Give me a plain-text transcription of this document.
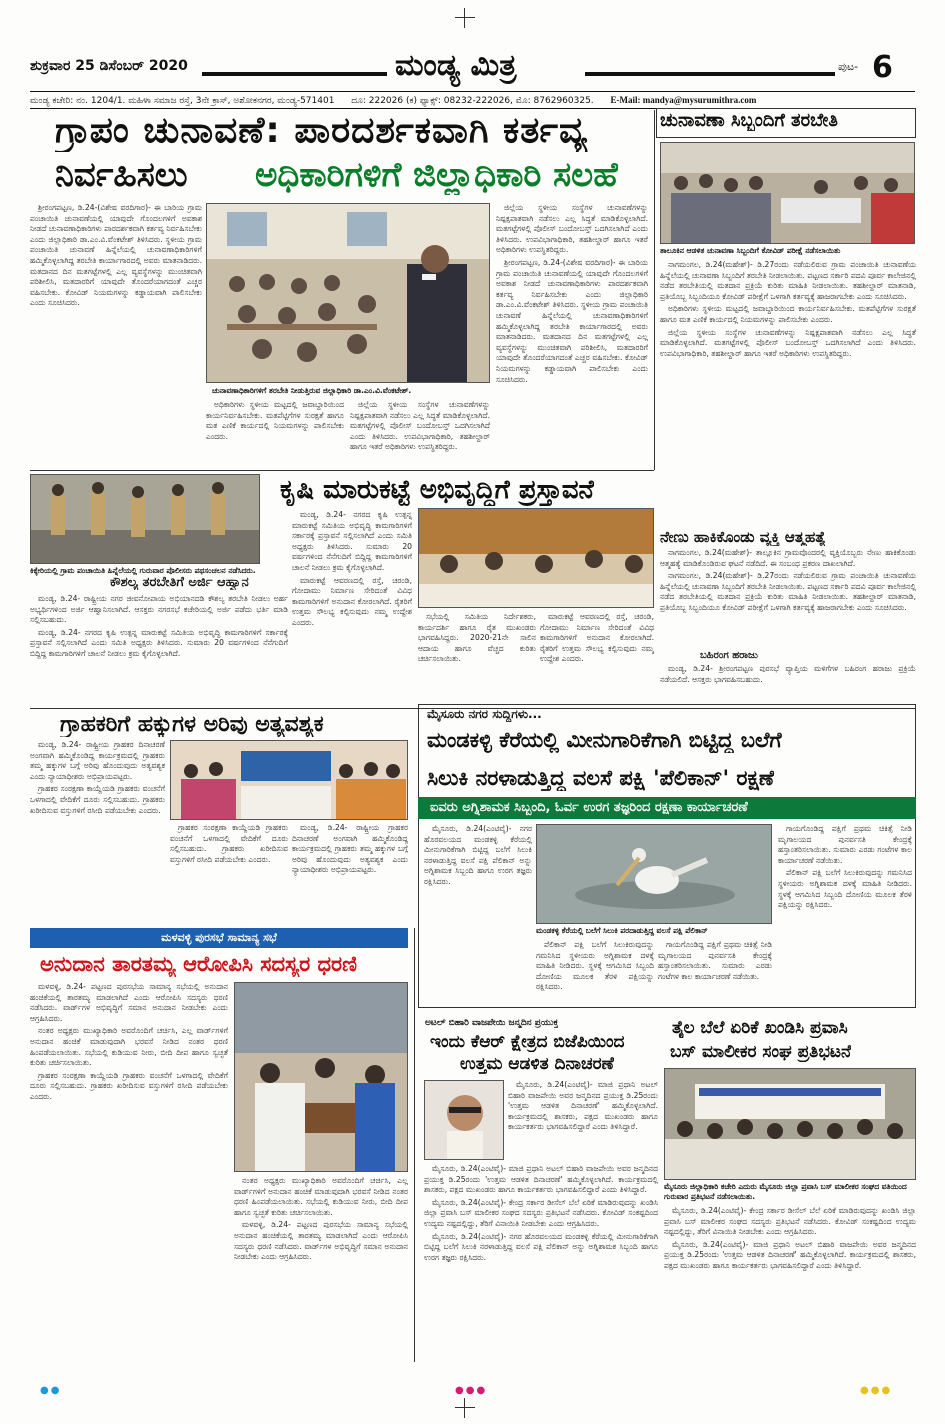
ಶುಕ್ರವಾರ 25 ಡಿಸೆಂಬರ್ 2020	ಮಂಡ್ಯ ಮಿತ್ರ	ಪುಟ- 6
ಮಂಡ್ಯ ಕಚೇರಿ: ನಂ. 1204/1. ಮಹಿಳಾ ಸಮಾಜ ರಸ್ತೆ, 3ನೇ ಕ್ರಾಸ್, ಅಶೋಕನಗರ, ಮಂಡ್ಯ-571401 ದೂ: 222026 (ಕ) ಫ್ಯಾಕ್ಸ್: 08232-222026, ಮೊ: 8762960325. E-Mail: mandya@mysurumithra.com
ಗ್ರಾಪಂ ಚುನಾವಣೆ: ಪಾರದರ್ಶಕವಾಗಿ ಕರ್ತವ್ಯ
ನಿರ್ವಹಿಸಲು ಅಧಿಕಾರಿಗಳಿಗೆ ಜಿಲ್ಲಾಧಿಕಾರಿ ಸಲಹೆ

ಶ್ರೀರಂಗಪಟ್ಟಣ, ಡಿ.24-(ವಿಶೇಷ ವರದಿಗಾರ)- ಈ ಬಾರಿಯ ಗ್ರಾಮ ಪಂಚಾಯಿತಿ ಚುನಾವಣೆಯಲ್ಲಿ ಯಾವುದೇ ಗೊಂದಲಗಳಿಗೆ ಅವಕಾಶ ನೀಡದೆ ಚುನಾವಣಾಧಿಕಾರಿಗಳು ಪಾರದರ್ಶಕವಾಗಿ ಕರ್ತವ್ಯ ನಿರ್ವಹಿಸಬೇಕು ಎಂದು ಜಿಲ್ಲಾಧಿಕಾರಿ ಡಾ.ಎಂ.ವಿ.ವೆಂಕಟೇಶ್ ತಿಳಿಸಿದರು. ಸ್ಥಳೀಯ ಗ್ರಾಮ ಪಂಚಾಯಿತಿ ಚುನಾವಣೆ ಹಿನ್ನೆಲೆಯಲ್ಲಿ ಚುನಾವಣಾಧಿಕಾರಿಗಳಿಗೆ ಹಮ್ಮಿಕೊಳ್ಳಲಾಗಿದ್ದ ತರಬೇತಿ ಕಾರ್ಯಾಗಾರದಲ್ಲಿ ಅವರು ಮಾತನಾಡಿದರು. ಮತದಾನದ ದಿನ ಮತಗಟ್ಟೆಗಳಲ್ಲಿ ಎಲ್ಲ ವ್ಯವಸ್ಥೆಗಳನ್ನು ಮುಂಚಿತವಾಗಿ ಪರಿಶೀಲಿಸಿ, ಮತದಾರರಿಗೆ ಯಾವುದೇ ತೊಂದರೆಯಾಗದಂತೆ ಎಚ್ಚರ ವಹಿಸಬೇಕು. ಕೋವಿಡ್ ನಿಯಮಗಳನ್ನು ಕಡ್ಡಾಯವಾಗಿ ಪಾಲಿಸಬೇಕು ಎಂದು ಸೂಚಿಸಿದರು.

ಚುನಾವಣಾಧಿಕಾರಿಗಳಿಗೆ ತರಬೇತಿ ನೀಡುತ್ತಿರುವ ಜಿಲ್ಲಾಧಿಕಾರಿ ಡಾ.ಎಂ.ವಿ.ವೆಂಕಟೇಶ್.

ಅಧಿಕಾರಿಗಳು ಸ್ಥಳೀಯ ಮಟ್ಟದಲ್ಲಿ ಜವಾಬ್ದಾರಿಯಿಂದ ಕಾರ್ಯನಿರ್ವಹಿಸಬೇಕು. ಮತಪೆಟ್ಟಿಗೆಗಳ ಸುರಕ್ಷತೆ ಹಾಗೂ ಮತ ಎಣಿಕೆ ಕಾರ್ಯದಲ್ಲಿ ನಿಯಮಗಳನ್ನು ಪಾಲಿಸಬೇಕು ಎಂದರು.

ಜಿಲ್ಲೆಯ ಸ್ಥಳೀಯ ಸಂಸ್ಥೆಗಳ ಚುನಾವಣೆಗಳನ್ನು ನಿಷ್ಪಕ್ಷಪಾತವಾಗಿ ನಡೆಸಲು ಎಲ್ಲ ಸಿದ್ಧತೆ ಮಾಡಿಕೊಳ್ಳಲಾಗಿದೆ. ಮತಗಟ್ಟೆಗಳಲ್ಲಿ ಪೊಲೀಸ್ ಬಂದೋಬಸ್ತ್ ಒದಗಿಸಲಾಗಿದೆ ಎಂದು ತಿಳಿಸಿದರು. ಉಪವಿಭಾಗಾಧಿಕಾರಿ, ತಹಶೀಲ್ದಾರ್ ಹಾಗೂ ಇತರೆ ಅಧಿಕಾರಿಗಳು ಉಪಸ್ಥಿತರಿದ್ದರು.

ಜಿಲ್ಲೆಯ ಸ್ಥಳೀಯ ಸಂಸ್ಥೆಗಳ ಚುನಾವಣೆಗಳನ್ನು ನಿಷ್ಪಕ್ಷಪಾತವಾಗಿ ನಡೆಸಲು ಎಲ್ಲ ಸಿದ್ಧತೆ ಮಾಡಿಕೊಳ್ಳಲಾಗಿದೆ. ಮತಗಟ್ಟೆಗಳಲ್ಲಿ ಪೊಲೀಸ್ ಬಂದೋಬಸ್ತ್ ಒದಗಿಸಲಾಗಿದೆ ಎಂದು ತಿಳಿಸಿದರು. ಉಪವಿಭಾಗಾಧಿಕಾರಿ, ತಹಶೀಲ್ದಾರ್ ಹಾಗೂ ಇತರೆ ಅಧಿಕಾರಿಗಳು ಉಪಸ್ಥಿತರಿದ್ದರು.

ಶ್ರೀರಂಗಪಟ್ಟಣ, ಡಿ.24-(ವಿಶೇಷ ವರದಿಗಾರ)- ಈ ಬಾರಿಯ ಗ್ರಾಮ ಪಂಚಾಯಿತಿ ಚುನಾವಣೆಯಲ್ಲಿ ಯಾವುದೇ ಗೊಂದಲಗಳಿಗೆ ಅವಕಾಶ ನೀಡದೆ ಚುನಾವಣಾಧಿಕಾರಿಗಳು ಪಾರದರ್ಶಕವಾಗಿ ಕರ್ತವ್ಯ ನಿರ್ವಹಿಸಬೇಕು ಎಂದು ಜಿಲ್ಲಾಧಿಕಾರಿ ಡಾ.ಎಂ.ವಿ.ವೆಂಕಟೇಶ್ ತಿಳಿಸಿದರು. ಸ್ಥಳೀಯ ಗ್ರಾಮ ಪಂಚಾಯಿತಿ ಚುನಾವಣೆ ಹಿನ್ನೆಲೆಯಲ್ಲಿ ಚುನಾವಣಾಧಿಕಾರಿಗಳಿಗೆ ಹಮ್ಮಿಕೊಳ್ಳಲಾಗಿದ್ದ ತರಬೇತಿ ಕಾರ್ಯಾಗಾರದಲ್ಲಿ ಅವರು ಮಾತನಾಡಿದರು. ಮತದಾನದ ದಿನ ಮತಗಟ್ಟೆಗಳಲ್ಲಿ ಎಲ್ಲ ವ್ಯವಸ್ಥೆಗಳನ್ನು ಮುಂಚಿತವಾಗಿ ಪರಿಶೀಲಿಸಿ, ಮತದಾರರಿಗೆ ಯಾವುದೇ ತೊಂದರೆಯಾಗದಂತೆ ಎಚ್ಚರ ವಹಿಸಬೇಕು. ಕೋವಿಡ್ ನಿಯಮಗಳನ್ನು ಕಡ್ಡಾಯವಾಗಿ ಪಾಲಿಸಬೇಕು ಎಂದು ಸೂಚಿಸಿದರು.

ಚುನಾವಣಾ ಸಿಬ್ಬಂದಿಗೆ ತರಬೇತಿ
ತಾಲೂಕಿನ ಆಡಳಿತ ಚುನಾವಣಾ ಸಿಬ್ಬಂದಿಗೆ ಕೋವಿಡ್ ಪರೀಕ್ಷೆ ನಡೆಸಲಾಯಿತು

ನಾಗಮಂಗಲ, ಡಿ.24(ಮಹೇಶ್)- ಡಿ.27ರಂದು ನಡೆಯಲಿರುವ ಗ್ರಾಮ ಪಂಚಾಯಿತಿ ಚುನಾವಣೆಯ ಹಿನ್ನೆಲೆಯಲ್ಲಿ ಚುನಾವಣಾ ಸಿಬ್ಬಂದಿಗೆ ತರಬೇತಿ ನೀಡಲಾಯಿತು. ಪಟ್ಟಣದ ಸರ್ಕಾರಿ ಪದವಿ ಪೂರ್ವ ಕಾಲೇಜಿನಲ್ಲಿ ನಡೆದ ತರಬೇತಿಯಲ್ಲಿ ಮತದಾನ ಪ್ರಕ್ರಿಯೆ ಕುರಿತು ಮಾಹಿತಿ ನೀಡಲಾಯಿತು. ತಹಶೀಲ್ದಾರ್ ಮಾತನಾಡಿ, ಪ್ರತಿಯೊಬ್ಬ ಸಿಬ್ಬಂದಿಯೂ ಕೋವಿಡ್ ಪರೀಕ್ಷೆಗೆ ಒಳಗಾಗಿ ಕರ್ತವ್ಯಕ್ಕೆ ಹಾಜರಾಗಬೇಕು ಎಂದು ಸೂಚಿಸಿದರು.

ಅಧಿಕಾರಿಗಳು ಸ್ಥಳೀಯ ಮಟ್ಟದಲ್ಲಿ ಜವಾಬ್ದಾರಿಯಿಂದ ಕಾರ್ಯನಿರ್ವಹಿಸಬೇಕು. ಮತಪೆಟ್ಟಿಗೆಗಳ ಸುರಕ್ಷತೆ ಹಾಗೂ ಮತ ಎಣಿಕೆ ಕಾರ್ಯದಲ್ಲಿ ನಿಯಮಗಳನ್ನು ಪಾಲಿಸಬೇಕು ಎಂದರು.

ಜಿಲ್ಲೆಯ ಸ್ಥಳೀಯ ಸಂಸ್ಥೆಗಳ ಚುನಾವಣೆಗಳನ್ನು ನಿಷ್ಪಕ್ಷಪಾತವಾಗಿ ನಡೆಸಲು ಎಲ್ಲ ಸಿದ್ಧತೆ ಮಾಡಿಕೊಳ್ಳಲಾಗಿದೆ. ಮತಗಟ್ಟೆಗಳಲ್ಲಿ ಪೊಲೀಸ್ ಬಂದೋಬಸ್ತ್ ಒದಗಿಸಲಾಗಿದೆ ಎಂದು ತಿಳಿಸಿದರು. ಉಪವಿಭಾಗಾಧಿಕಾರಿ, ತಹಶೀಲ್ದಾರ್ ಹಾಗೂ ಇತರೆ ಅಧಿಕಾರಿಗಳು ಉಪಸ್ಥಿತರಿದ್ದರು.

ಕಿಕ್ಕೇರಿಯಲ್ಲಿ ಗ್ರಾಮ ಪಂಚಾಯಿತಿ ಹಿನ್ನೆಲೆಯಲ್ಲಿ ಗುರುವಾರ ಪೊಲೀಸರು ಪಥಸಂಚಲನ ನಡೆಸಿದರು.
ಕೃಷಿ ಮಾರುಕಟ್ಟೆ ಅಭಿವೃದ್ಧಿಗೆ ಪ್ರಸ್ತಾವನೆ

ಮಂಡ್ಯ, ಡಿ.24- ನಗರದ ಕೃಷಿ ಉತ್ಪನ್ನ ಮಾರುಕಟ್ಟೆ ಸಮಿತಿಯ ಅಭಿವೃದ್ಧಿ ಕಾಮಗಾರಿಗಳಿಗೆ ಸರ್ಕಾರಕ್ಕೆ ಪ್ರಸ್ತಾವನೆ ಸಲ್ಲಿಸಲಾಗಿದೆ ಎಂದು ಸಮಿತಿ ಅಧ್ಯಕ್ಷರು ತಿಳಿಸಿದರು. ಸುಮಾರು 20 ವರ್ಷಗಳಿಂದ ನೆನೆಗುದಿಗೆ ಬಿದ್ದಿದ್ದ ಕಾಮಗಾರಿಗಳಿಗೆ ಚಾಲನೆ ನೀಡಲು ಕ್ರಮ ಕೈಗೊಳ್ಳಲಾಗಿದೆ.

ಮಾರುಕಟ್ಟೆ ಆವರಣದಲ್ಲಿ ರಸ್ತೆ, ಚರಂಡಿ, ಗೋದಾಮು ನಿರ್ಮಾಣ ಸೇರಿದಂತೆ ವಿವಿಧ ಕಾಮಗಾರಿಗಳಿಗೆ ಅನುದಾನ ಕೋರಲಾಗಿದೆ. ರೈತರಿಗೆ ಉತ್ತಮ ಸೌಲಭ್ಯ ಕಲ್ಪಿಸುವುದು ನಮ್ಮ ಉದ್ದೇಶ ಎಂದರು.

ಸಭೆಯಲ್ಲಿ ಸಮಿತಿಯ ನಿರ್ದೇಶಕರು, ಕಾರ್ಯದರ್ಶಿ ಹಾಗೂ ರೈತ ಮುಖಂಡರು ಭಾಗವಹಿಸಿದ್ದರು. 2020-21ನೇ ಸಾಲಿನ ಆದಾಯ ಹಾಗೂ ವೆಚ್ಚದ ಕುರಿತು ಚರ್ಚಿಸಲಾಯಿತು.

ಮಾರುಕಟ್ಟೆ ಆವರಣದಲ್ಲಿ ರಸ್ತೆ, ಚರಂಡಿ, ಗೋದಾಮು ನಿರ್ಮಾಣ ಸೇರಿದಂತೆ ವಿವಿಧ ಕಾಮಗಾರಿಗಳಿಗೆ ಅನುದಾನ ಕೋರಲಾಗಿದೆ. ರೈತರಿಗೆ ಉತ್ತಮ ಸೌಲಭ್ಯ ಕಲ್ಪಿಸುವುದು ನಮ್ಮ ಉದ್ದೇಶ ಎಂದರು.

ಕೌಶಲ್ಯ ತರಬೇತಿಗೆ ಅರ್ಜಿ ಆಹ್ವಾನ

ಮಂಡ್ಯ, ಡಿ.24- ರಾಷ್ಟ್ರೀಯ ನಗರ ಜೀವನೋಪಾಯ ಅಭಿಯಾನದಡಿ ಕೌಶಲ್ಯ ತರಬೇತಿ ನೀಡಲು ಅರ್ಹ ಅಭ್ಯರ್ಥಿಗಳಿಂದ ಅರ್ಜಿ ಆಹ್ವಾನಿಸಲಾಗಿದೆ. ಆಸಕ್ತರು ನಗರಸಭೆ ಕಚೇರಿಯಲ್ಲಿ ಅರ್ಜಿ ಪಡೆದು ಭರ್ತಿ ಮಾಡಿ ಸಲ್ಲಿಸಬಹುದು.

ಮಂಡ್ಯ, ಡಿ.24- ನಗರದ ಕೃಷಿ ಉತ್ಪನ್ನ ಮಾರುಕಟ್ಟೆ ಸಮಿತಿಯ ಅಭಿವೃದ್ಧಿ ಕಾಮಗಾರಿಗಳಿಗೆ ಸರ್ಕಾರಕ್ಕೆ ಪ್ರಸ್ತಾವನೆ ಸಲ್ಲಿಸಲಾಗಿದೆ ಎಂದು ಸಮಿತಿ ಅಧ್ಯಕ್ಷರು ತಿಳಿಸಿದರು. ಸುಮಾರು 20 ವರ್ಷಗಳಿಂದ ನೆನೆಗುದಿಗೆ ಬಿದ್ದಿದ್ದ ಕಾಮಗಾರಿಗಳಿಗೆ ಚಾಲನೆ ನೀಡಲು ಕ್ರಮ ಕೈಗೊಳ್ಳಲಾಗಿದೆ.

ನೇಣು ಹಾಕಿಕೊಂಡು ವ್ಯಕ್ತಿ ಆತ್ಮಹತ್ಯೆ

ನಾಗಮಂಗಲ, ಡಿ.24(ಮಹೇಶ್)- ತಾಲ್ಲೂಕಿನ ಗ್ರಾಮವೊಂದರಲ್ಲಿ ವ್ಯಕ್ತಿಯೊಬ್ಬರು ನೇಣು ಹಾಕಿಕೊಂಡು ಆತ್ಮಹತ್ಯೆ ಮಾಡಿಕೊಂಡಿರುವ ಘಟನೆ ನಡೆದಿದೆ. ಈ ಸಂಬಂಧ ಪ್ರಕರಣ ದಾಖಲಾಗಿದೆ.

ನಾಗಮಂಗಲ, ಡಿ.24(ಮಹೇಶ್)- ಡಿ.27ರಂದು ನಡೆಯಲಿರುವ ಗ್ರಾಮ ಪಂಚಾಯಿತಿ ಚುನಾವಣೆಯ ಹಿನ್ನೆಲೆಯಲ್ಲಿ ಚುನಾವಣಾ ಸಿಬ್ಬಂದಿಗೆ ತರಬೇತಿ ನೀಡಲಾಯಿತು. ಪಟ್ಟಣದ ಸರ್ಕಾರಿ ಪದವಿ ಪೂರ್ವ ಕಾಲೇಜಿನಲ್ಲಿ ನಡೆದ ತರಬೇತಿಯಲ್ಲಿ ಮತದಾನ ಪ್ರಕ್ರಿಯೆ ಕುರಿತು ಮಾಹಿತಿ ನೀಡಲಾಯಿತು. ತಹಶೀಲ್ದಾರ್ ಮಾತನಾಡಿ, ಪ್ರತಿಯೊಬ್ಬ ಸಿಬ್ಬಂದಿಯೂ ಕೋವಿಡ್ ಪರೀಕ್ಷೆಗೆ ಒಳಗಾಗಿ ಕರ್ತವ್ಯಕ್ಕೆ ಹಾಜರಾಗಬೇಕು ಎಂದು ಸೂಚಿಸಿದರು.

ಬಹಿರಂಗ ಹರಾಜು

ಮಂಡ್ಯ, ಡಿ.24- ಶ್ರೀರಂಗಪಟ್ಟಣ ಪುರಸಭೆ ವ್ಯಾಪ್ತಿಯ ಮಳಿಗೆಗಳ ಬಹಿರಂಗ ಹರಾಜು ಪ್ರಕ್ರಿಯೆ ನಡೆಯಲಿದೆ. ಆಸಕ್ತರು ಭಾಗವಹಿಸಬಹುದು.

ಗ್ರಾಹಕರಿಗೆ ಹಕ್ಕುಗಳ ಅರಿವು ಅತ್ಯವಶ್ಯಕ

ಮಂಡ್ಯ, ಡಿ.24- ರಾಷ್ಟ್ರೀಯ ಗ್ರಾಹಕರ ದಿನಾಚರಣೆ ಅಂಗವಾಗಿ ಹಮ್ಮಿಕೊಂಡಿದ್ದ ಕಾರ್ಯಕ್ರಮದಲ್ಲಿ ಗ್ರಾಹಕರು ತಮ್ಮ ಹಕ್ಕುಗಳ ಬಗ್ಗೆ ಅರಿವು ಹೊಂದುವುದು ಅತ್ಯವಶ್ಯಕ ಎಂದು ನ್ಯಾಯಾಧೀಶರು ಅಭಿಪ್ರಾಯಪಟ್ಟರು.

ಗ್ರಾಹಕರ ಸಂರಕ್ಷಣಾ ಕಾಯ್ದೆಯಡಿ ಗ್ರಾಹಕರು ವಂಚನೆಗೆ ಒಳಗಾದಲ್ಲಿ ವೇದಿಕೆಗೆ ದೂರು ಸಲ್ಲಿಸಬಹುದು. ಗ್ರಾಹಕರು ಖರೀದಿಸುವ ವಸ್ತುಗಳಿಗೆ ರಸೀದಿ ಪಡೆಯಬೇಕು ಎಂದರು.

ಗ್ರಾಹಕರ ಸಂರಕ್ಷಣಾ ಕಾಯ್ದೆಯಡಿ ಗ್ರಾಹಕರು ವಂಚನೆಗೆ ಒಳಗಾದಲ್ಲಿ ವೇದಿಕೆಗೆ ದೂರು ಸಲ್ಲಿಸಬಹುದು. ಗ್ರಾಹಕರು ಖರೀದಿಸುವ ವಸ್ತುಗಳಿಗೆ ರಸೀದಿ ಪಡೆಯಬೇಕು ಎಂದರು.

ಮಂಡ್ಯ, ಡಿ.24- ರಾಷ್ಟ್ರೀಯ ಗ್ರಾಹಕರ ದಿನಾಚರಣೆ ಅಂಗವಾಗಿ ಹಮ್ಮಿಕೊಂಡಿದ್ದ ಕಾರ್ಯಕ್ರಮದಲ್ಲಿ ಗ್ರಾಹಕರು ತಮ್ಮ ಹಕ್ಕುಗಳ ಬಗ್ಗೆ ಅರಿವು ಹೊಂದುವುದು ಅತ್ಯವಶ್ಯಕ ಎಂದು ನ್ಯಾಯಾಧೀಶರು ಅಭಿಪ್ರಾಯಪಟ್ಟರು.

ಮೈಸೂರು ನಗರ ಸುದ್ದಿಗಳು...
ಮಂಡಕಳ್ಳಿ ಕೆರೆಯಲ್ಲಿ ಮೀನುಗಾರಿಕೆಗಾಗಿ ಬಿಟ್ಟಿದ್ದ ಬಲೆಗೆ
ಸಿಲುಕಿ ನರಳಾಡುತ್ತಿದ್ದ ವಲಸೆ ಪಕ್ಷಿ 'ಪೆಲಿಕಾನ್' ರಕ್ಷಣೆ
ಐವರು ಅಗ್ನಿಶಾಮಕ ಸಿಬ್ಬಂದಿ, ಓರ್ವ ಉರಗ ತಜ್ಞರಿಂದ ರಕ್ಷಣಾ ಕಾರ್ಯಾಚರಣೆ

ಮೈಸೂರು, ಡಿ.24(ಎಂಟಿವೈ)- ನಗರ ಹೊರವಲಯದ ಮಂಡಕಳ್ಳಿ ಕೆರೆಯಲ್ಲಿ ಮೀನುಗಾರಿಕೆಗಾಗಿ ಬಿಟ್ಟಿದ್ದ ಬಲೆಗೆ ಸಿಲುಕಿ ನರಳಾಡುತ್ತಿದ್ದ ವಲಸೆ ಪಕ್ಷಿ ಪೆಲಿಕಾನ್ ಅನ್ನು ಅಗ್ನಿಶಾಮಕ ಸಿಬ್ಬಂದಿ ಹಾಗೂ ಉರಗ ತಜ್ಞರು ರಕ್ಷಿಸಿದರು.

ಮಂಡಕಳ್ಳಿ ಕೆರೆಯಲ್ಲಿ ಬಲೆಗೆ ಸಿಲುಕಿ ಪರದಾಡುತ್ತಿದ್ದ ವಲಸೆ ಪಕ್ಷಿ ಪೆಲಿಕಾನ್

ಪೆಲಿಕಾನ್ ಪಕ್ಷಿ ಬಲೆಗೆ ಸಿಲುಕಿರುವುದನ್ನು ಗಮನಿಸಿದ ಸ್ಥಳೀಯರು ಅಗ್ನಿಶಾಮಕ ದಳಕ್ಕೆ ಮಾಹಿತಿ ನೀಡಿದರು. ಸ್ಥಳಕ್ಕೆ ಆಗಮಿಸಿದ ಸಿಬ್ಬಂದಿ ದೋಣಿಯ ಮೂಲಕ ತೆರಳಿ ಪಕ್ಷಿಯನ್ನು ರಕ್ಷಿಸಿದರು.

ಗಾಯಗೊಂಡಿದ್ದ ಪಕ್ಷಿಗೆ ಪ್ರಥಮ ಚಿಕಿತ್ಸೆ ನೀಡಿ ಮೃಗಾಲಯದ ಪುನರ್ವಸತಿ ಕೇಂದ್ರಕ್ಕೆ ಹಸ್ತಾಂತರಿಸಲಾಯಿತು. ಸುಮಾರು ಎರಡು ಗಂಟೆಗಳ ಕಾಲ ಕಾರ್ಯಾಚರಣೆ ನಡೆಯಿತು.

ಗಾಯಗೊಂಡಿದ್ದ ಪಕ್ಷಿಗೆ ಪ್ರಥಮ ಚಿಕಿತ್ಸೆ ನೀಡಿ ಮೃಗಾಲಯದ ಪುನರ್ವಸತಿ ಕೇಂದ್ರಕ್ಕೆ ಹಸ್ತಾಂತರಿಸಲಾಯಿತು. ಸುಮಾರು ಎರಡು ಗಂಟೆಗಳ ಕಾಲ ಕಾರ್ಯಾಚರಣೆ ನಡೆಯಿತು.

ಪೆಲಿಕಾನ್ ಪಕ್ಷಿ ಬಲೆಗೆ ಸಿಲುಕಿರುವುದನ್ನು ಗಮನಿಸಿದ ಸ್ಥಳೀಯರು ಅಗ್ನಿಶಾಮಕ ದಳಕ್ಕೆ ಮಾಹಿತಿ ನೀಡಿದರು. ಸ್ಥಳಕ್ಕೆ ಆಗಮಿಸಿದ ಸಿಬ್ಬಂದಿ ದೋಣಿಯ ಮೂಲಕ ತೆರಳಿ ಪಕ್ಷಿಯನ್ನು ರಕ್ಷಿಸಿದರು.

ಮಳವಳ್ಳಿ ಪುರಸಭೆ ಸಾಮಾನ್ಯ ಸಭೆ
ಅನುದಾನ ತಾರತಮ್ಯ ಆರೋಪಿಸಿ ಸದಸ್ಯರ ಧರಣಿ

ಮಳವಳ್ಳಿ, ಡಿ.24- ಪಟ್ಟಣದ ಪುರಸಭೆಯ ಸಾಮಾನ್ಯ ಸಭೆಯಲ್ಲಿ ಅನುದಾನ ಹಂಚಿಕೆಯಲ್ಲಿ ತಾರತಮ್ಯ ಮಾಡಲಾಗಿದೆ ಎಂದು ಆರೋಪಿಸಿ ಸದಸ್ಯರು ಧರಣಿ ನಡೆಸಿದರು. ವಾರ್ಡ್‌ಗಳ ಅಭಿವೃದ್ಧಿಗೆ ಸಮಾನ ಅನುದಾನ ನೀಡಬೇಕು ಎಂದು ಆಗ್ರಹಿಸಿದರು.

ನಂತರ ಅಧ್ಯಕ್ಷರು ಮುಖ್ಯಾಧಿಕಾರಿ ಅವರೊಂದಿಗೆ ಚರ್ಚಿಸಿ, ಎಲ್ಲ ವಾರ್ಡ್‌ಗಳಿಗೆ ಅನುದಾನ ಹಂಚಿಕೆ ಮಾಡುವುದಾಗಿ ಭರವಸೆ ನೀಡಿದ ನಂತರ ಧರಣಿ ಹಿಂಪಡೆಯಲಾಯಿತು. ಸಭೆಯಲ್ಲಿ ಕುಡಿಯುವ ನೀರು, ಬೀದಿ ದೀಪ ಹಾಗೂ ಸ್ವಚ್ಛತೆ ಕುರಿತು ಚರ್ಚಿಸಲಾಯಿತು.

ಗ್ರಾಹಕರ ಸಂರಕ್ಷಣಾ ಕಾಯ್ದೆಯಡಿ ಗ್ರಾಹಕರು ವಂಚನೆಗೆ ಒಳಗಾದಲ್ಲಿ ವೇದಿಕೆಗೆ ದೂರು ಸಲ್ಲಿಸಬಹುದು. ಗ್ರಾಹಕರು ಖರೀದಿಸುವ ವಸ್ತುಗಳಿಗೆ ರಸೀದಿ ಪಡೆಯಬೇಕು ಎಂದರು.

ನಂತರ ಅಧ್ಯಕ್ಷರು ಮುಖ್ಯಾಧಿಕಾರಿ ಅವರೊಂದಿಗೆ ಚರ್ಚಿಸಿ, ಎಲ್ಲ ವಾರ್ಡ್‌ಗಳಿಗೆ ಅನುದಾನ ಹಂಚಿಕೆ ಮಾಡುವುದಾಗಿ ಭರವಸೆ ನೀಡಿದ ನಂತರ ಧರಣಿ ಹಿಂಪಡೆಯಲಾಯಿತು. ಸಭೆಯಲ್ಲಿ ಕುಡಿಯುವ ನೀರು, ಬೀದಿ ದೀಪ ಹಾಗೂ ಸ್ವಚ್ಛತೆ ಕುರಿತು ಚರ್ಚಿಸಲಾಯಿತು.

ಮಳವಳ್ಳಿ, ಡಿ.24- ಪಟ್ಟಣದ ಪುರಸಭೆಯ ಸಾಮಾನ್ಯ ಸಭೆಯಲ್ಲಿ ಅನುದಾನ ಹಂಚಿಕೆಯಲ್ಲಿ ತಾರತಮ್ಯ ಮಾಡಲಾಗಿದೆ ಎಂದು ಆರೋಪಿಸಿ ಸದಸ್ಯರು ಧರಣಿ ನಡೆಸಿದರು. ವಾರ್ಡ್‌ಗಳ ಅಭಿವೃದ್ಧಿಗೆ ಸಮಾನ ಅನುದಾನ ನೀಡಬೇಕು ಎಂದು ಆಗ್ರಹಿಸಿದರು.

ಅಟಲ್ ಬಿಹಾರಿ ವಾಜಪೇಯಿ ಜನ್ಮದಿನ ಪ್ರಯುಕ್ತ
ಇಂದು ಕೆಆರ್ ಕ್ಷೇತ್ರದ ಬಿಜೆಪಿಯಿಂದ
ಉತ್ತಮ ಆಡಳಿತ ದಿನಾಚರಣೆ

ಮೈಸೂರು, ಡಿ.24(ಎಂಟಿವೈ)- ಮಾಜಿ ಪ್ರಧಾನಿ ಅಟಲ್ ಬಿಹಾರಿ ವಾಜಪೇಯಿ ಅವರ ಜನ್ಮದಿನದ ಪ್ರಯುಕ್ತ ಡಿ.25ರಂದು 'ಉತ್ತಮ ಆಡಳಿತ ದಿನಾಚರಣೆ' ಹಮ್ಮಿಕೊಳ್ಳಲಾಗಿದೆ. ಕಾರ್ಯಕ್ರಮದಲ್ಲಿ ಶಾಸಕರು, ಪಕ್ಷದ ಮುಖಂಡರು ಹಾಗೂ ಕಾರ್ಯಕರ್ತರು ಭಾಗವಹಿಸಲಿದ್ದಾರೆ ಎಂದು ತಿಳಿಸಿದ್ದಾರೆ.

ಮೈಸೂರು, ಡಿ.24(ಎಂಟಿವೈ)- ಮಾಜಿ ಪ್ರಧಾನಿ ಅಟಲ್ ಬಿಹಾರಿ ವಾಜಪೇಯಿ ಅವರ ಜನ್ಮದಿನದ ಪ್ರಯುಕ್ತ ಡಿ.25ರಂದು 'ಉತ್ತಮ ಆಡಳಿತ ದಿನಾಚರಣೆ' ಹಮ್ಮಿಕೊಳ್ಳಲಾಗಿದೆ. ಕಾರ್ಯಕ್ರಮದಲ್ಲಿ ಶಾಸಕರು, ಪಕ್ಷದ ಮುಖಂಡರು ಹಾಗೂ ಕಾರ್ಯಕರ್ತರು ಭಾಗವಹಿಸಲಿದ್ದಾರೆ ಎಂದು ತಿಳಿಸಿದ್ದಾರೆ.

ಮೈಸೂರು, ಡಿ.24(ಎಂಟಿವೈ)- ಕೇಂದ್ರ ಸರ್ಕಾರ ಡೀಸೆಲ್ ಬೆಲೆ ಏರಿಕೆ ಮಾಡಿರುವುದನ್ನು ಖಂಡಿಸಿ ಜಿಲ್ಲಾ ಪ್ರವಾಸಿ ಬಸ್ ಮಾಲೀಕರ ಸಂಘದ ಸದಸ್ಯರು ಪ್ರತಿಭಟನೆ ನಡೆಸಿದರು. ಕೋವಿಡ್ ಸಂಕಷ್ಟದಿಂದ ಉದ್ಯಮ ನಷ್ಟದಲ್ಲಿದ್ದು, ತೆರಿಗೆ ವಿನಾಯಿತಿ ನೀಡಬೇಕು ಎಂದು ಆಗ್ರಹಿಸಿದರು.

ಮೈಸೂರು, ಡಿ.24(ಎಂಟಿವೈ)- ನಗರ ಹೊರವಲಯದ ಮಂಡಕಳ್ಳಿ ಕೆರೆಯಲ್ಲಿ ಮೀನುಗಾರಿಕೆಗಾಗಿ ಬಿಟ್ಟಿದ್ದ ಬಲೆಗೆ ಸಿಲುಕಿ ನರಳಾಡುತ್ತಿದ್ದ ವಲಸೆ ಪಕ್ಷಿ ಪೆಲಿಕಾನ್ ಅನ್ನು ಅಗ್ನಿಶಾಮಕ ಸಿಬ್ಬಂದಿ ಹಾಗೂ ಉರಗ ತಜ್ಞರು ರಕ್ಷಿಸಿದರು.

ತೈಲ ಬೆಲೆ ಏರಿಕೆ ಖಂಡಿಸಿ ಪ್ರವಾಸಿ
ಬಸ್ ಮಾಲೀಕರ ಸಂಘ ಪ್ರತಿಭಟನೆ
ಮೈಸೂರು ಜಿಲ್ಲಾಧಿಕಾರಿ ಕಚೇರಿ ಎದುರು ಮೈಸೂರು ಜಿಲ್ಲಾ ಪ್ರವಾಸಿ ಬಸ್ ಮಾಲೀಕರ ಸಂಘದ ವತಿಯಿಂದ ಗುರುವಾರ ಪ್ರತಿಭಟನೆ ನಡೆಸಲಾಯಿತು.

ಮೈಸೂರು, ಡಿ.24(ಎಂಟಿವೈ)- ಕೇಂದ್ರ ಸರ್ಕಾರ ಡೀಸೆಲ್ ಬೆಲೆ ಏರಿಕೆ ಮಾಡಿರುವುದನ್ನು ಖಂಡಿಸಿ ಜಿಲ್ಲಾ ಪ್ರವಾಸಿ ಬಸ್ ಮಾಲೀಕರ ಸಂಘದ ಸದಸ್ಯರು ಪ್ರತಿಭಟನೆ ನಡೆಸಿದರು. ಕೋವಿಡ್ ಸಂಕಷ್ಟದಿಂದ ಉದ್ಯಮ ನಷ್ಟದಲ್ಲಿದ್ದು, ತೆರಿಗೆ ವಿನಾಯಿತಿ ನೀಡಬೇಕು ಎಂದು ಆಗ್ರಹಿಸಿದರು.

ಮೈಸೂರು, ಡಿ.24(ಎಂಟಿವೈ)- ಮಾಜಿ ಪ್ರಧಾನಿ ಅಟಲ್ ಬಿಹಾರಿ ವಾಜಪೇಯಿ ಅವರ ಜನ್ಮದಿನದ ಪ್ರಯುಕ್ತ ಡಿ.25ರಂದು 'ಉತ್ತಮ ಆಡಳಿತ ದಿನಾಚರಣೆ' ಹಮ್ಮಿಕೊಳ್ಳಲಾಗಿದೆ. ಕಾರ್ಯಕ್ರಮದಲ್ಲಿ ಶಾಸಕರು, ಪಕ್ಷದ ಮುಖಂಡರು ಹಾಗೂ ಕಾರ್ಯಕರ್ತರು ಭಾಗವಹಿಸಲಿದ್ದಾರೆ ಎಂದು ತಿಳಿಸಿದ್ದಾರೆ.

●●	●●●	●●●
